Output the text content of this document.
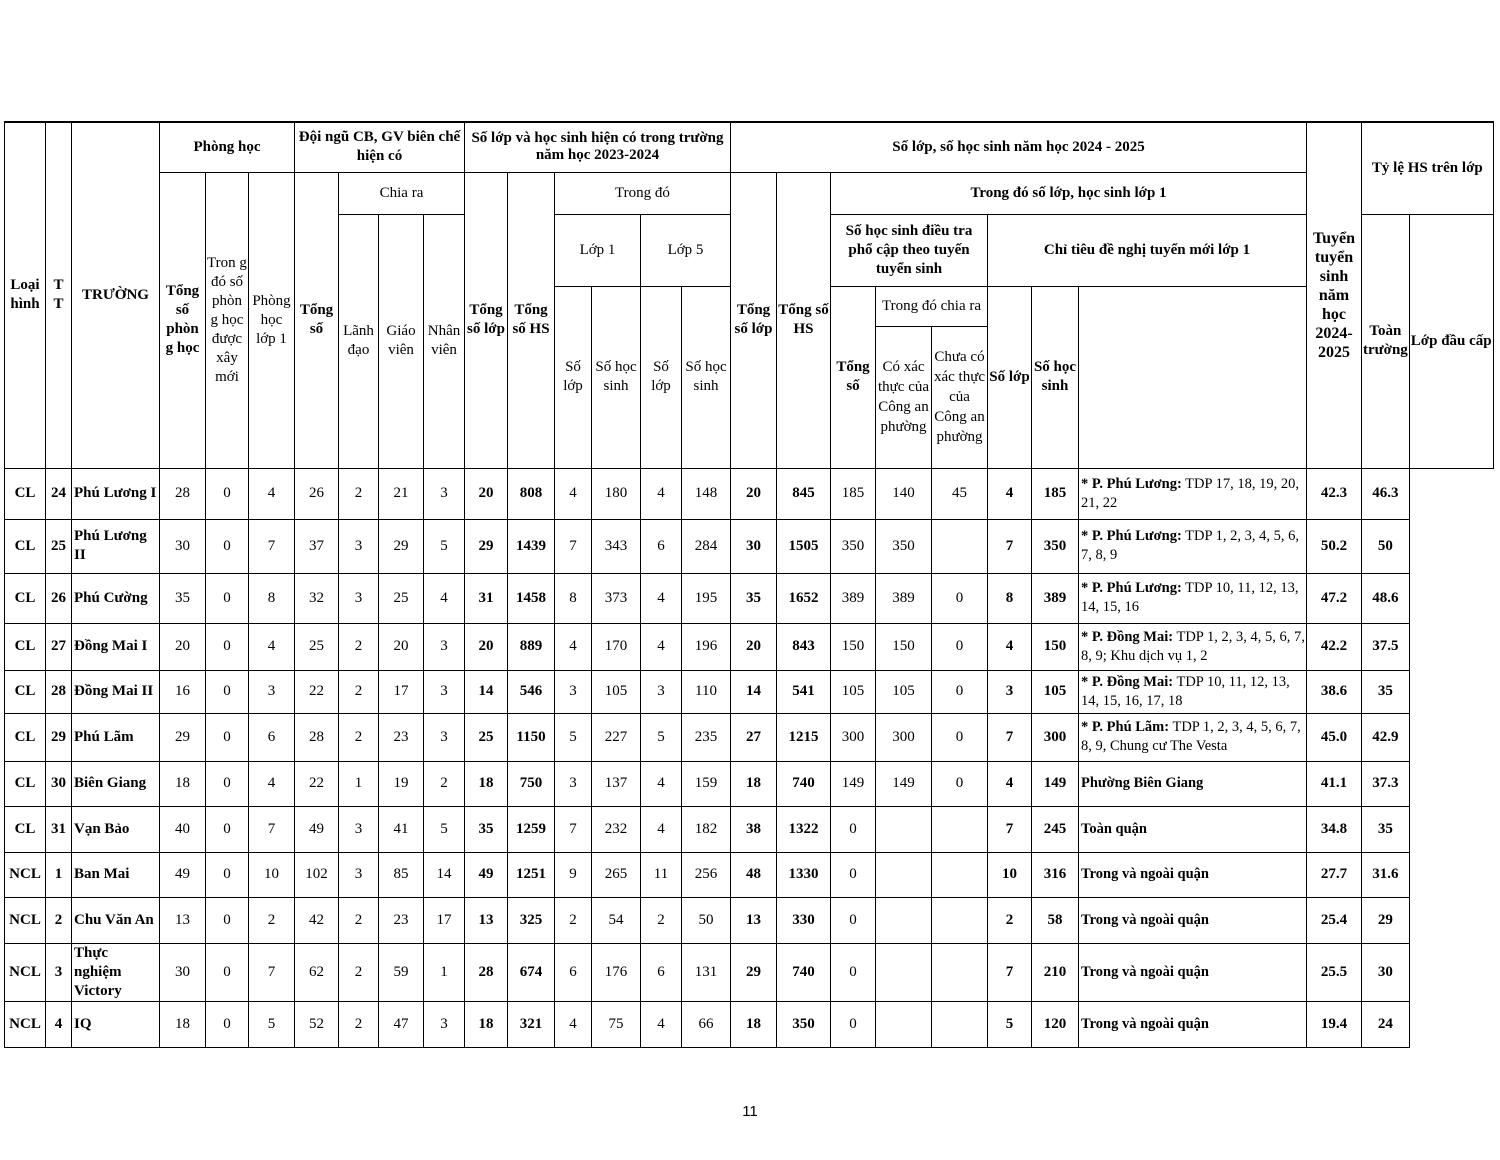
Loại hình	T T	TRƯỜNG	Phòng học			Đội ngũ CB, GV biên chế hiện có				Số lớp và học sinh hiện có trong trường năm học 2023-2024						Số lớp, số học sinh năm học 2024 - 2025								Tuyển tuyển sinh năm học 2024-2025	Tỷ lệ HS trên lớp	
			Tổng số phòn g học	Tron g đó số phòn g học được xây mới	Phòng học lớp 1	Tổng số	Chia ra			Tổng số lớp	Tổng số HS	Trong đó				Tổng số lớp	Tổng số HS	Trong đó số lớp, học sinh lớp 1								
							Lãnh đạo	Giáo viên	Nhân viên			Lớp 1		Lớp 5				Số học sinh điều tra phổ cập theo tuyến tuyển sinh			Chỉ tiêu đề nghị tuyển mới lớp 1				Toàn trường	Lớp đầu cấp

												Số lớp	Số học sinh	Số lớp	Số học sinh			Tổng số	Trong đó chia ra		Số lớp	Số học sinh				
																			Có xác thực của Công an phường	Chưa có xác thực của Công an phường						
CL	24	Phú Lương I	28	0	4	26	2	21	3	20	808	4	180	4	148	20	845	185	140	45	4	185	* P. Phú Lương: TDP 17, 18, 19, 20, 21, 22	42.3	46.3	
CL	25	Phú Lương II	30	0	7	37	3	29	5	29	1439	7	343	6	284	30	1505	350	350		7	350	* P. Phú Lương: TDP 1, 2, 3, 4, 5, 6, 7, 8, 9	50.2	50	
CL	26	Phú Cường	35	0	8	32	3	25	4	31	1458	8	373	4	195	35	1652	389	389	0	8	389	* P. Phú Lương: TDP 10, 11, 12, 13, 14, 15, 16	47.2	48.6	
CL	27	Đồng Mai I	20	0	4	25	2	20	3	20	889	4	170	4	196	20	843	150	150	0	4	150	* P. Đồng Mai: TDP 1, 2, 3, 4, 5, 6, 7, 8, 9; Khu dịch vụ 1, 2	42.2	37.5	
CL	28	Đồng Mai II	16	0	3	22	2	17	3	14	546	3	105	3	110	14	541	105	105	0	3	105	* P. Đồng Mai: TDP 10, 11, 12, 13, 14, 15, 16, 17, 18	38.6	35	
CL	29	Phú Lãm	29	0	6	28	2	23	3	25	1150	5	227	5	235	27	1215	300	300	0	7	300	* P. Phú Lãm: TDP 1, 2, 3, 4, 5, 6, 7, 8, 9, Chung cư The Vesta	45.0	42.9	
CL	30	Biên Giang	18	0	4	22	1	19	2	18	750	3	137	4	159	18	740	149	149	0	4	149	Phường Biên Giang	41.1	37.3	
CL	31	Vạn Bảo	40	0	7	49	3	41	5	35	1259	7	232	4	182	38	1322	0			7	245	Toàn quận	34.8	35	
NCL	1	Ban Mai	49	0	10	102	3	85	14	49	1251	9	265	11	256	48	1330	0			10	316	Trong và ngoài quận	27.7	31.6	
NCL	2	Chu Văn An	13	0	2	42	2	23	17	13	325	2	54	2	50	13	330	0			2	58	Trong và ngoài quận	25.4	29	
NCL	3	Thực nghiệm Victory	30	0	7	62	2	59	1	28	674	6	176	6	131	29	740	0			7	210	Trong và ngoài quận	25.5	30	
NCL	4	IQ	18	0	5	52	2	47	3	18	321	4	75	4	66	18	350	0			5	120	Trong và ngoài quận	19.4	24	
11
